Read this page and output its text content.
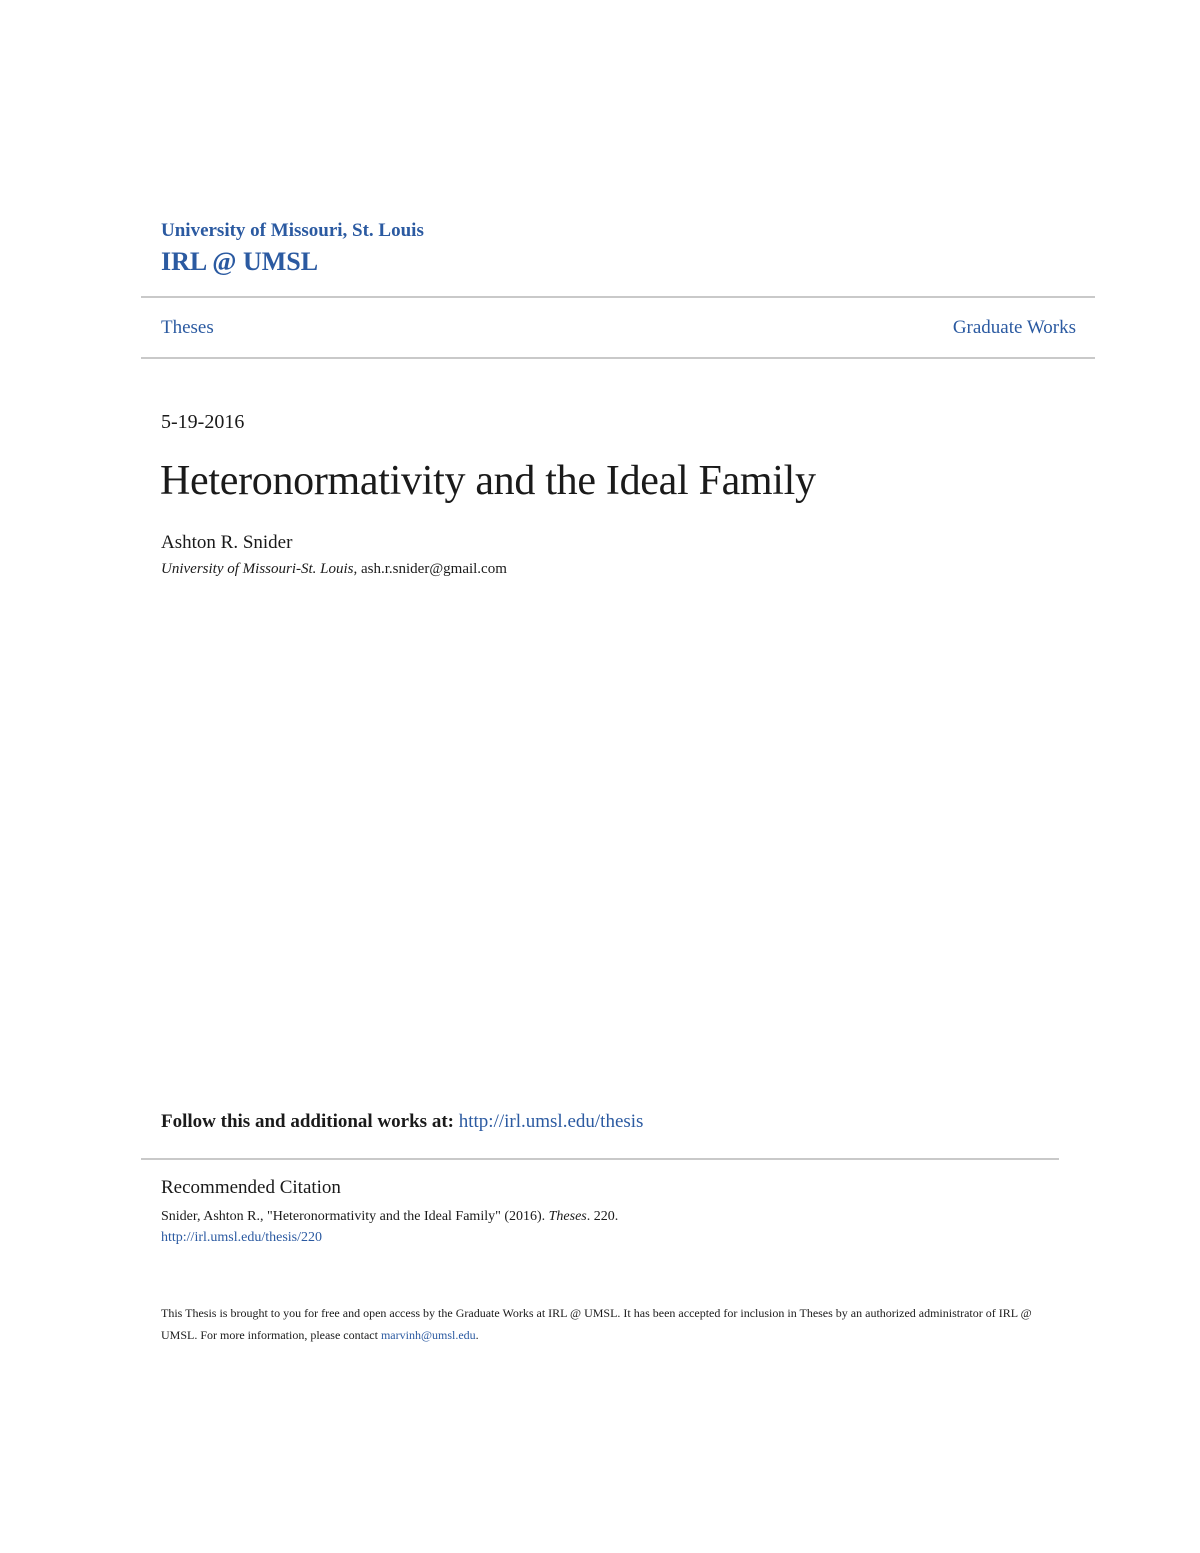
University of Missouri, St. Louis
IRL @ UMSL
Theses	Graduate Works
5-19-2016
Heteronormativity and the Ideal Family
Ashton R. Snider
University of Missouri-St. Louis, ash.r.snider@gmail.com
Follow this and additional works at: http://irl.umsl.edu/thesis
Recommended Citation
Snider, Ashton R., "Heteronormativity and the Ideal Family" (2016). Theses. 220.
http://irl.umsl.edu/thesis/220
This Thesis is brought to you for free and open access by the Graduate Works at IRL @ UMSL. It has been accepted for inclusion in Theses by an authorized administrator of IRL @ UMSL. For more information, please contact marvinh@umsl.edu.
